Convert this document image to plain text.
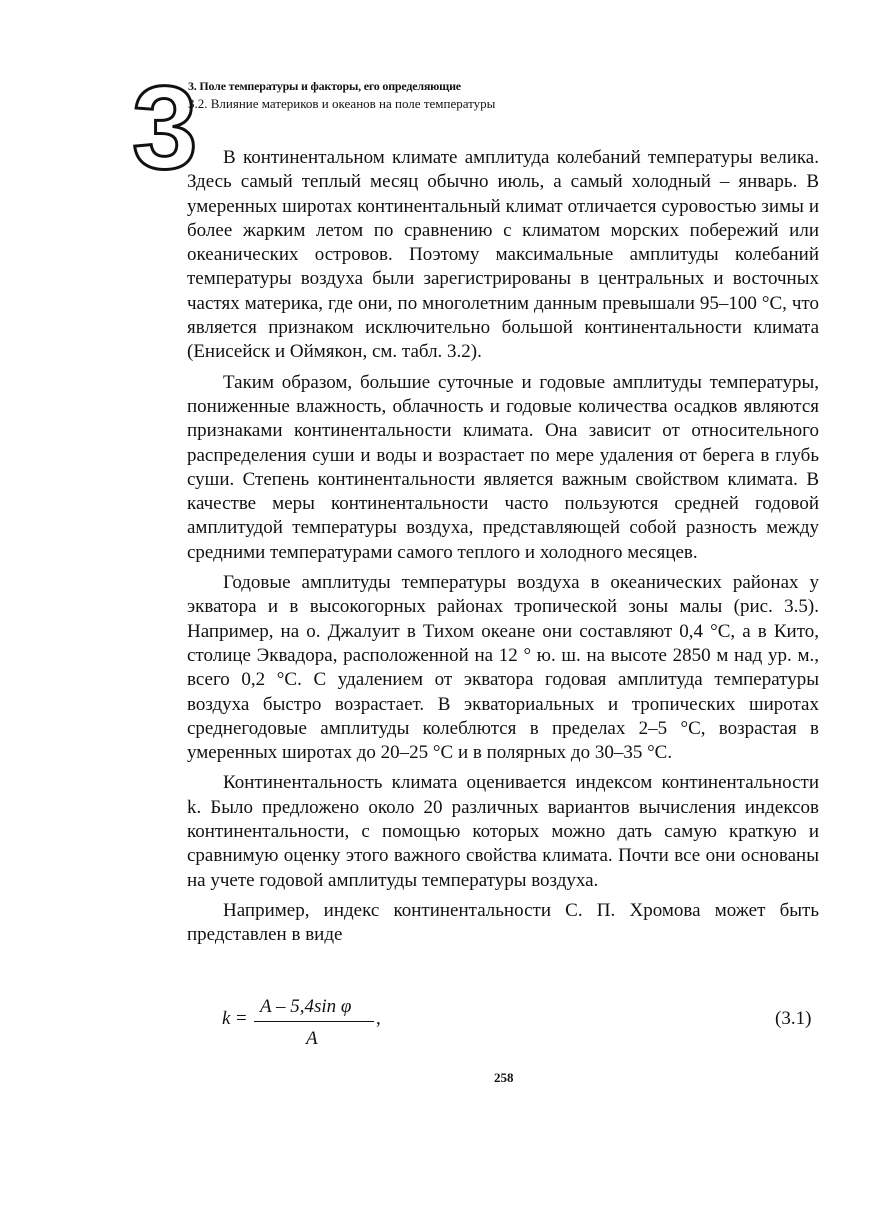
3
3. Поле температуры и факторы, его определяющие
3.2. Влияние материков и океанов на поле температуры

В континентальном климате амплитуда колебаний температуры велика. Здесь самый теплый месяц обычно июль, а самый холодный – январь. В умеренных широтах континентальный климат отличается суровостью зимы и более жарким летом по сравнению с климатом морских побережий или океанических островов. Поэтому максимальные амплитуды колебаний температуры воздуха были зарегистрированы в центральных и восточных частях материка, где они, по многолетним данным превышали 95–100 °С, что является признаком исключительно большой континентальности климата (Енисейск и Оймякон, см. табл. 3.2).

Таким образом, большие суточные и годовые амплитуды температуры, пониженные влажность, облачность и годовые количества осадков являются признаками континентальности климата. Она зависит от относительного распределения суши и воды и возрастает по мере удаления от берега в глубь суши. Степень континентальности является важным свойством климата. В качестве меры континентальности часто пользуются средней годовой амплитудой температуры воздуха, представляющей собой разность между средними температурами самого теплого и холодного месяцев.

Годовые амплитуды температуры воздуха в океанических районах у экватора и в высокогорных районах тропической зоны малы (рис. 3.5). Например, на о. Джалуит в Тихом океане они составляют 0,4 °С, а в Кито, столице Эквадора, расположенной на 12 ° ю. ш. на высоте 2850 м над ур. м., всего 0,2 °С. С удалением от экватора годовая амплитуда температуры воздуха быстро возрастает. В экваториальных и тропических широтах среднегодовые амплитуды колеблются в пределах 2–5 °С, возрастая в умеренных широтах до 20–25 °С и в полярных до 30–35 °С.

Континентальность климата оценивается индексом континентальности k. Было предложено около 20 различных вариантов вычисления индексов континентальности, с помощью которых можно дать самую краткую и сравнимую оценку этого важного свойства климата. Почти все они основаны на учете годовой амплитуды температуры воздуха.

Например, индекс континентальности С. П. Хромова может быть представлен в виде

k =
A – 5,4sin φ
,
A
(3.1)
258
